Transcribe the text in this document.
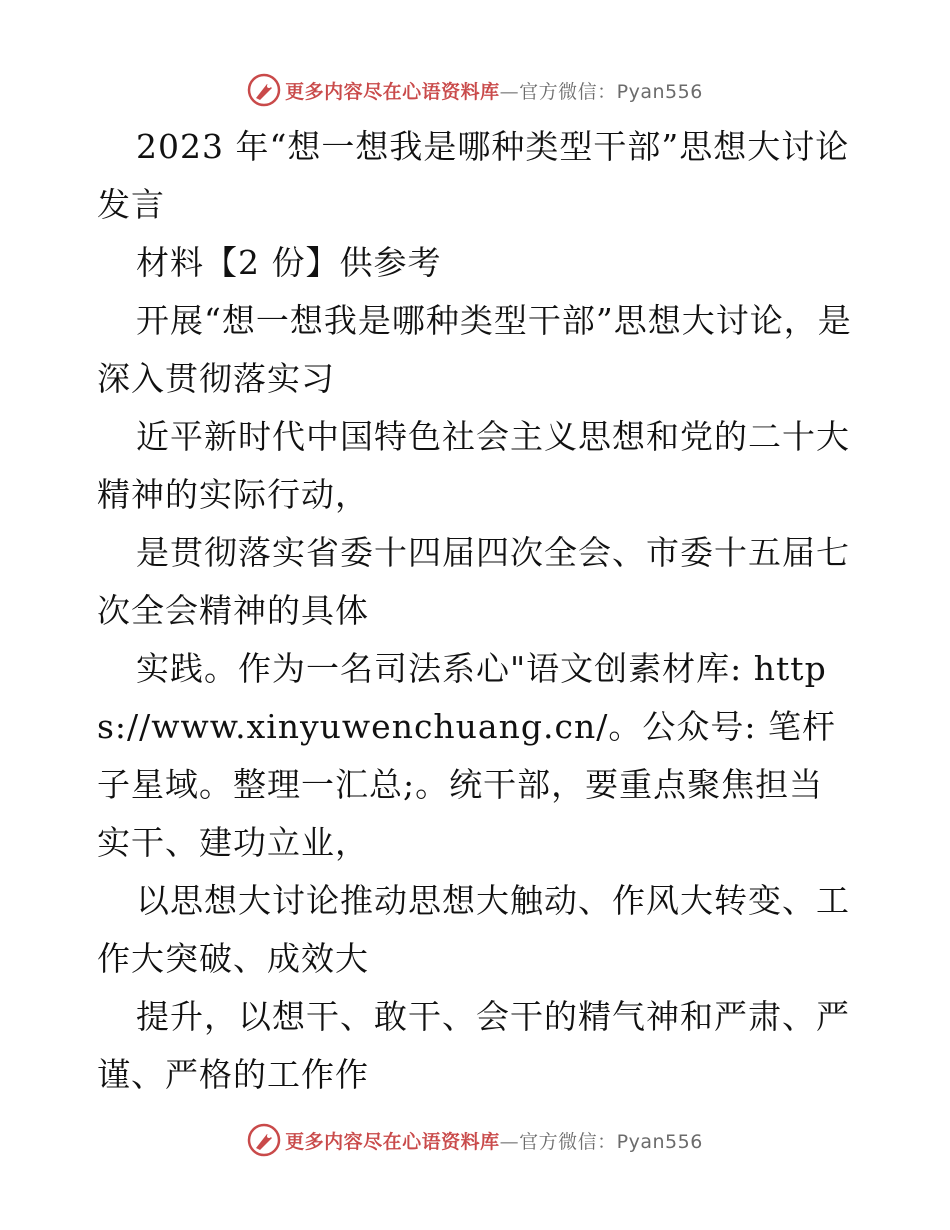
更多内容尽在心语资料库—官方微信：Pyan556

2023 年“想一想我是哪种类型干部”思想大讨论发言

材料【2 份】供参考

开展“想一想我是哪种类型干部”思想大讨论，是深入贯彻落实习

近平新时代中国特色社会主义思想和党的二十大精神的实际行动，

是贯彻落实省委十四届四次全会、市委十五届七次全会精神的具体

实践。作为一名司法系心"语文创素材库: https://www.xinyuwenchuang.cn/。公众号: 笔杆子星域。整理一汇总;。统干部，要重点聚焦担当实干、建功立业，

以思想大讨论推动思想大触动、作风大转变、工作大突破、成效大

提升，以想干、敢干、会干的精气神和严肃、严谨、严格的工作作

更多内容尽在心语资料库—官方微信：Pyan556
